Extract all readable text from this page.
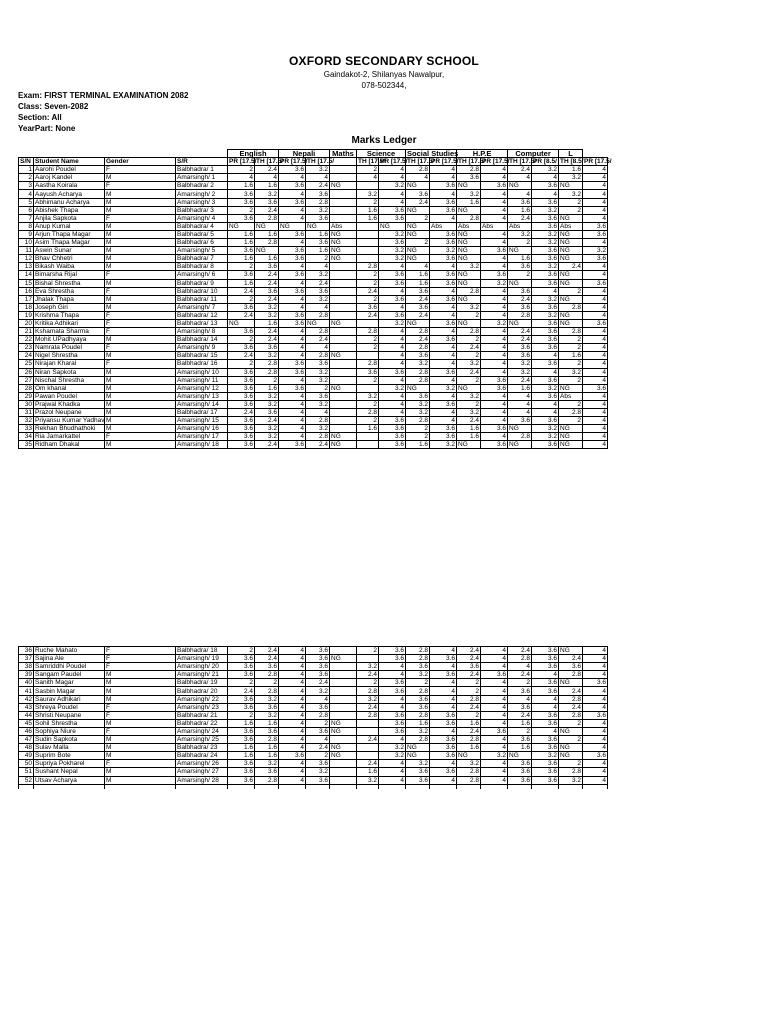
OXFORD SECONDARY SCHOOL
Gaindakot-2, Shilanyas Nawalpur,
078-502344,
Exam: FIRST TERMINAL EXAMINATION 2082
Class: Seven-2082
Section: All
YearPart: None
Marks Ledger
				English		Nepali		Maths	Science		Social Studies		H.P.E		Computer		L	
S/N	Student Name	Gender	S/R	PR [17.5/	TH [17.5/	PR [17.5/	TH [17.5/		TH [17.5/	PR [17.5/	TH [17.5/	PR [17.5/	TH [17.5/	PR [17.5/	TH [17.5/	PR [8.5/	TH [8.5/	PR [17.5/
1	Aarohi Poudel	F	Balbhadra/ 1	2	2.4	3.6	3.2		2	4	2.8	4	2.8	4	2.4	3.2	1.6	4
2	Aaroj Kandel	M	Amarsingh/ 1	4	4	4	4		4	4	4	4	3.6	4	4	4	3.2	4
3	Aastha Koirala	F	Balbhadra/ 2	1.6	1.6	3.6	2.4	NG		3.2	NG	3.6	NG	3.6	NG	3.6	NG	4
4	Aayush Acharya	M	Amarsingh/ 2	3.6	3.2	4	3.6		3.2	4	3.6	4	3.2	4	4	4	3.2	4
5	Abhimanu Acharya	M	Amarsingh/ 3	3.6	3.6	3.6	2.8		2	4	2.4	3.6	1.6	4	3.6	3.6	2	4
6	Abishek Thapa	M	Balbhadra/ 3	2	2.4	4	3.2		1.6	3.6	NG	3.6	NG	4	1.6	3.2	2	4
7	Anjila Sapkota	F	Amarsingh/ 4	3.6	2.8	4	3.6		1.6	3.6	2	4	2.8	4	2.4	3.6	NG	4
8	Anup Kumal	M	Balbhadra/ 4	NG	NG	NG	NG	Abs		NG	NG	Abs	Abs	Abs	Abs	3.6	Abs	3.6
9	Arjun Thapa Magar	M	Balbhadra/ 5	1.6	1.6	3.6	1.6	NG		3.2	NG	3.6	NG	4	3.2	3.2	NG	3.6
10	Asim Thapa Magar	M	Balbhadra/ 6	1.6	2.8	4	3.6	NG		3.6	2	3.6	NG	4	2	3.2	NG	4
11	Aswin Sunar	M	Amarsingh/ 5	3.6	NG	3.6	1.6	NG		3.2	NG	3.2	NG	3.6	NG	3.6	NG	3.2
12	Bhav Chhetri	M	Balbhadra/ 7	1.6	1.6	3.6	2	NG		3.2	NG	3.6	NG	4	1.6	3.6	NG	3.6
13	Bikash Waiba	M	Balbhadra/ 8	2	3.6	4	4		2.8	4	4	4	3.2	4	3.6	3.2	2.4	4
14	Bimarsha Rijal	F	Amarsingh/ 6	3.6	2.4	3.6	3.2		2	3.6	1.6	3.6	NG	3.6	2	3.6	NG	4
15	Bishal Shrestha	M	Balbhadra/ 9	1.6	2.4	4	2.4		2	3.6	1.6	3.6	NG	3.2	NG	3.6	NG	3.6
16	Eva Shrestha	F	Balbhadra/ 10	2.4	3.6	3.6	3.6		2.4	4	3.6	4	2.8	4	3.6	4	2	4
17	Jhalak Thapa	M	Balbhadra/ 11	2	2.4	4	3.2		2	3.6	2.4	3.6	NG	4	2.4	3.2	NG	4
18	Joseph Giri	M	Amarsingh/ 7	3.6	3.2	4	4		3.6	4	3.6	4	3.2	4	3.6	3.6	2.8	4
19	Krishma Thapa	F	Balbhadra/ 12	2.4	3.2	3.6	2.8		2.4	3.6	2.4	4	2	4	2.8	3.2	NG	4
20	Kritika Adhikari	F	Balbhadra/ 13	NG	1.6	3.6	NG	NG		3.2	NG	3.6	NG	3.2	NG	3.6	NG	3.6
21	Kshamata Sharma	F	Amarsingh/ 8	3.6	2.4	4	2.8		2.8	4	2.8	4	2.8	4	2.4	3.6	2.8	4
22	Mohit UPadhyaya	M	Balbhadra/ 14	2	2.4	4	2.4		2	4	2.4	3.6	2	4	2.4	3.6	2	4
23	Namrata Poudel	F	Amarsingh/ 9	3.6	3.6	4	4		2	4	2.8	4	2.4	4	3.6	3.6	2	4
24	Nigel Shrestha	M	Balbhadra/ 15	2.4	3.2	4	2.8	NG		4	3.6	4	2	4	3.6	4	1.6	4
25	Nirajan Kharal	F	Balbhadra/ 16	2	2.8	3.6	3.6		2.8	4	3.2	4	3.2	4	3.2	3.6	2	4
26	Niran Sapkota	M	Amarsingh/ 10	3.6	2.8	3.6	3.2		3.6	3.6	2.8	3.6	2.4	4	3.2	4	3.2	4
27	Nischal Shrestha	M	Amarsingh/ 11	3.6	2	4	3.2		2	4	2.8	4	2	3.6	2.4	3.6	2	4
28	Om khanal	M	Amarsingh/ 12	3.6	1.6	3.6	2	NG		3.2	NG	3.2	NG	3.6	1.6	3.2	NG	3.6
29	Pawan Poudel	M	Amarsingh/ 13	3.6	3.2	4	3.6		3.2	4	3.6	4	3.2	4	4	3.6	Abs	4
30	Prajwal Khadka	M	Amarsingh/ 14	3.6	3.2	4	3.2		2	4	3.2	3.6	2	4	4	4	2	4
31	Prazol Neupane	M	Balbhadra/ 17	2.4	3.6	4	4		2.8	4	3.2	4	3.2	4	4	4	2.8	4
32	Priyansu Kumar Yadhav	M	Amarsingh/ 15	3.6	2.4	4	2.8		2	3.6	2.8	4	2.4	4	3.6	3.6	2	4
33	Rekhan Bhudhathoki	M	Amarsingh/ 16	3.6	3.2	4	3.2		1.6	3.6	2	3.6	1.6	3.6	NG	3.2	NG	4
34	Ria Jamarkattel	F	Amarsingh/ 17	3.6	3.2	4	2.8	NG		3.6	2	3.6	1.6	4	2.8	3.2	NG	4
35	Ridham Dhakal	M	Amarsingh/ 18	3.6	2.4	3.6	2.4	NG		3.6	1.6	3.2	NG	3.6	NG	3.6	NG	4
36	Ruche Mahato	F	Balbhadra/ 18	2	2.4	4	3.6		2	3.6	2.8	4	2.4	4	2.4	3.6	NG	4
37	Sajina Ale	F	Amarsingh/ 19	3.6	2.4	4	3.6	NG		3.6	2.8	3.6	2.4	4	2.8	3.6	2.4	4
38	Samriddhi Poudel	F	Amarsingh/ 20	3.6	3.6	4	3.6		3.2	4	3.6	4	3.6	4	4	3.6	3.6	4
39	Sangam Paudel	M	Amarsingh/ 21	3.6	2.8	4	3.6		2.4	4	3.2	3.6	2.4	3.6	2.4	4	2.8	4
40	Sanith Magar	M	Balbhadra/ 19	2	2	4	2.4		2	3.6	2	4	2	4	2	3.6	NG	3.6
41	Sasbin Magar	M	Balbhadra/ 20	2.4	2.8	4	3.2		2.8	3.6	2.8	4	2	4	3.6	3.6	2.4	4
42	Saurav Adhikari	M	Amarsingh/ 22	3.6	3.2	4	4		3.2	4	3.6	4	2.8	4	4	4	2.8	4
43	Shreya Poudel	F	Amarsingh/ 23	3.6	3.6	4	3.6		2.4	4	3.6	4	2.4	4	3.6	4	2.4	4
44	Shristi Neupane	F	Balbhadra/ 21	2	3.2	4	2.8		2.8	3.6	2.8	3.6	2	4	2.4	3.6	2.8	3.6
45	Sohil Shrestha	M	Balbhadra/ 22	1.6	1.6	4	2	NG		3.6	1.6	3.6	1.6	4	1.6	3.6	2	4
46	Sophiya Niure	F	Amarsingh/ 24	3.6	3.6	4	3.6	NG		3.6	3.2	4	2.4	3.6	2	4	NG	4
47	Sudin Sapkota	M	Amarsingh/ 25	3.6	2.8	4	4		2.4	4	2.8	3.6	2.8	4	3.6	3.6	2	4
48	Sulav Malla	M	Balbhadra/ 23	1.6	1.6	4	2.4	NG		3.2	NG	3.6	1.6	4	1.6	3.6	NG	4
49	Suprim Bote	M	Balbhadra/ 24	1.6	1.6	3.6	2	NG		3.2	NG	3.6	NG	3.2	NG	3.2	NG	3.6
50	Supriya Pokharel	F	Amarsingh/ 26	3.6	3.2	4	3.6		2.4	4	3.2	4	3.2	4	3.6	3.6	2	4
51	Sushant Nepal	M	Amarsingh/ 27	3.6	3.6	4	3.2		1.6	4	3.6	3.6	2.8	4	3.6	3.6	2.8	4
52	Utsav Acharya	M	Amarsingh/ 28	3.6	2.8	4	3.6		3.2	4	3.6	4	2.8	4	3.6	3.6	3.2	4
